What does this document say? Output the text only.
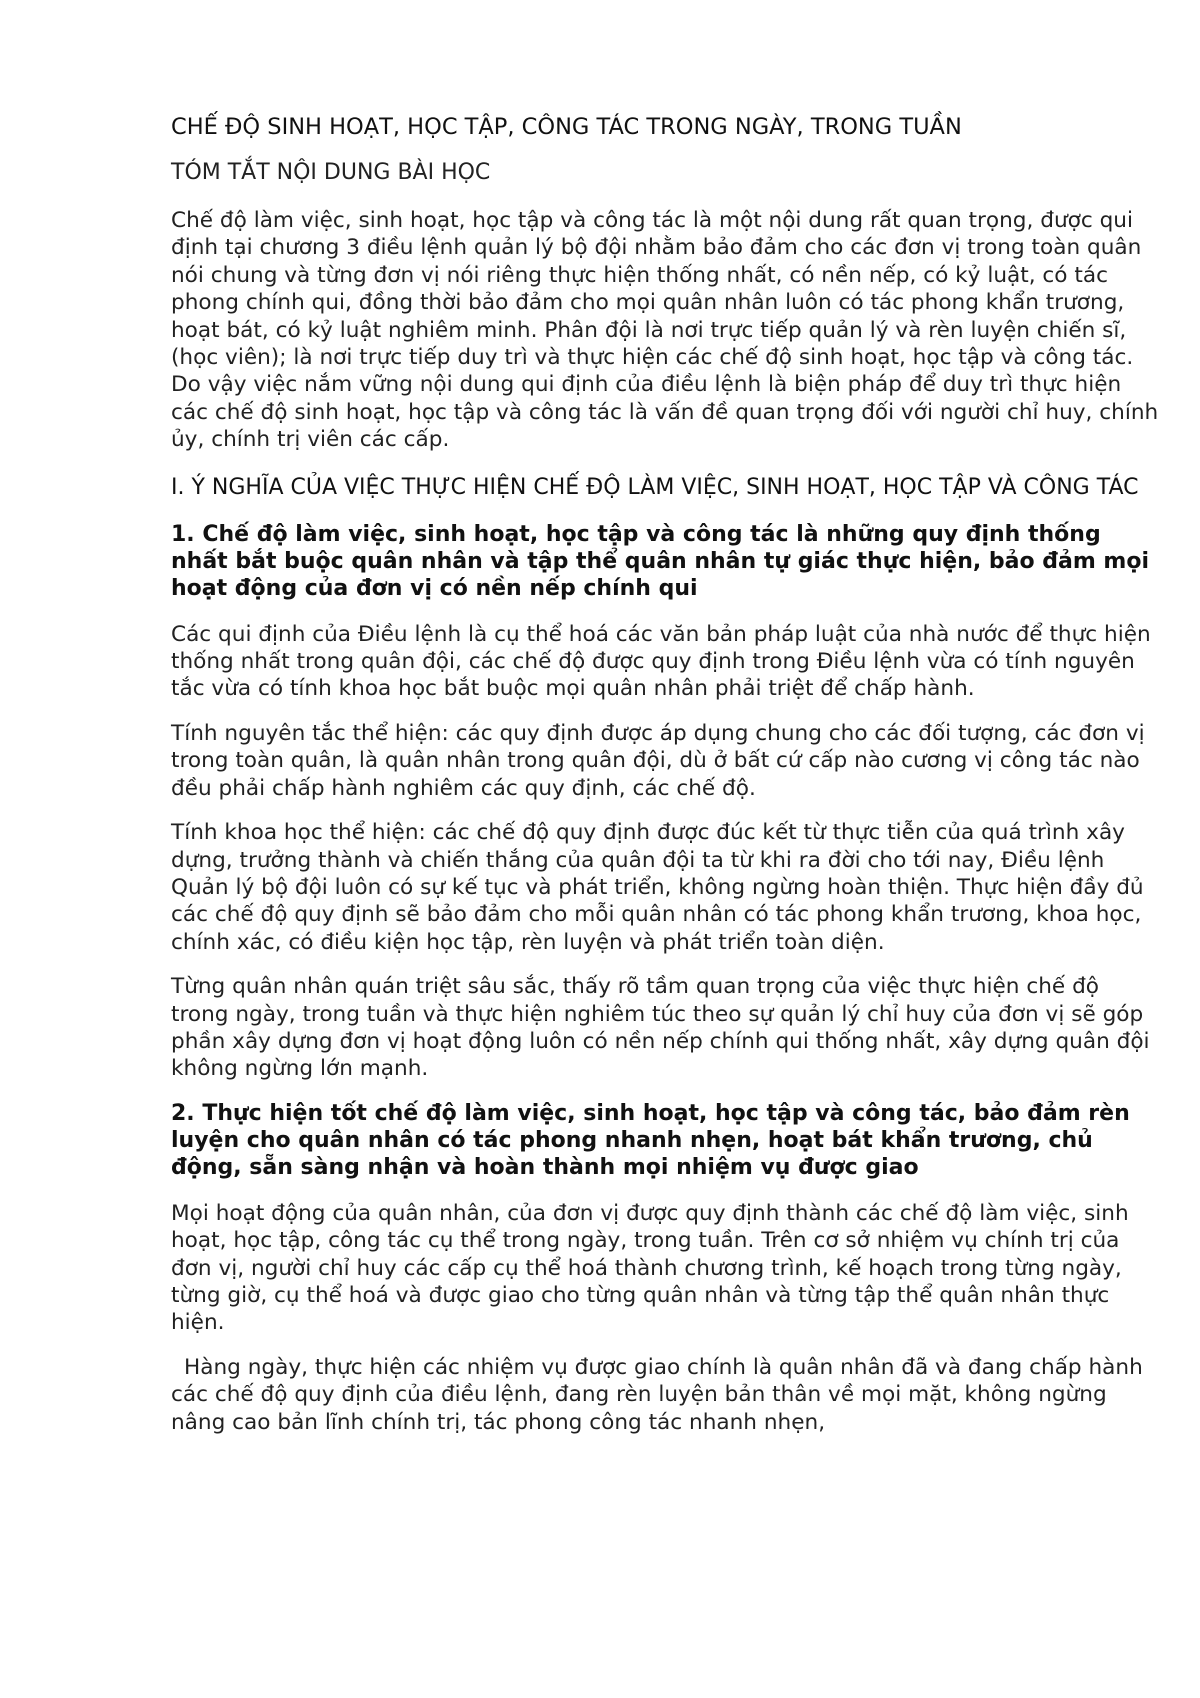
CHẾ ĐỘ SINH HOẠT, HỌC TẬP, CÔNG TÁC TRONG NGÀY, TRONG TUẦN
TÓM TẮT NỘI DUNG BÀI HỌC

Chế độ làm việc, sinh hoạt, học tập và công tác là một nội dung rất quan trọng, được qui định tại chương 3 điều lệnh quản lý bộ đội nhằm bảo đảm cho các đơn vị trong toàn quân nói chung và từng đơn vị nói riêng thực hiện thống nhất, có nền nếp, có kỷ luật, có tác phong chính qui, đồng thời bảo đảm cho mọi quân nhân luôn có tác phong khẩn trương, hoạt bát, có kỷ luật nghiêm minh. Phân đội là nơi trực tiếp quản lý và rèn luyện chiến sĩ, (học viên); là nơi trực tiếp duy trì và thực hiện các chế độ sinh hoạt, học tập và công tác. Do vậy việc nắm vững nội dung qui định của điều lệnh là biện pháp để duy trì thực hiện các chế độ sinh hoạt, học tập và công tác là vấn đề quan trọng đối với người chỉ huy, chính ủy, chính trị viên các cấp.

I. Ý NGHĨA CỦA VIỆC THỰC HIỆN CHẾ ĐỘ LÀM VIỆC, SINH HOẠT, HỌC TẬP VÀ CÔNG TÁC
1. Chế độ làm việc, sinh hoạt, học tập và công tác là những quy định thống nhất bắt buộc quân nhân và tập thể quân nhân tự giác thực hiện, bảo đảm mọi hoạt động của đơn vị có nền nếp chính qui

Các qui định của Điều lệnh là cụ thể hoá các văn bản pháp luật của nhà nước để thực hiện thống nhất trong quân đội, các chế độ được quy định trong Điều lệnh vừa có tính nguyên tắc vừa có tính khoa học bắt buộc mọi quân nhân phải triệt để chấp hành.

Tính nguyên tắc thể hiện: các quy định được áp dụng chung cho các đối tượng, các đơn vị trong toàn quân, là quân nhân trong quân đội, dù ở bất cứ cấp nào cương vị công tác nào đều phải chấp hành nghiêm các quy định, các chế độ.

Tính khoa học thể hiện: các chế độ quy định được đúc kết từ thực tiễn của quá trình xây dựng, trưởng thành và chiến thắng của quân đội ta từ khi ra đời cho tới nay, Điều lệnh Quản lý bộ đội luôn có sự kế tục và phát triển, không ngừng hoàn thiện. Thực hiện đầy đủ các chế độ quy định sẽ bảo đảm cho mỗi quân nhân có tác phong khẩn trương, khoa học, chính xác, có điều kiện học tập, rèn luyện và phát triển toàn diện.

Từng quân nhân quán triệt sâu sắc, thấy rõ tầm quan trọng của việc thực hiện chế độ trong ngày, trong tuần và thực hiện nghiêm túc theo sự quản lý chỉ huy của đơn vị sẽ góp phần xây dựng đơn vị hoạt động luôn có nền nếp chính qui thống nhất, xây dựng quân đội không ngừng lớn mạnh.

2. Thực hiện tốt chế độ làm việc, sinh hoạt, học tập và công tác, bảo đảm rèn luyện cho quân nhân có tác phong nhanh nhẹn, hoạt bát khẩn trương, chủ động, sẵn sàng nhận và hoàn thành mọi nhiệm vụ được giao

Mọi hoạt động của quân nhân, của đơn vị được quy định thành các chế độ làm việc, sinh hoạt, học tập, công tác cụ thể trong ngày, trong tuần. Trên cơ sở nhiệm vụ chính trị của đơn vị, người chỉ huy các cấp cụ thể hoá thành chương trình, kế hoạch trong từng ngày, từng giờ, cụ thể hoá và được giao cho từng quân nhân và từng tập thể quân nhân thực hiện.

Hàng ngày, thực hiện các nhiệm vụ được giao chính là quân nhân đã và đang chấp hành các chế độ quy định của điều lệnh, đang rèn luyện bản thân về mọi mặt, không ngừng nâng cao bản lĩnh chính trị, tác phong công tác nhanh nhẹn,
